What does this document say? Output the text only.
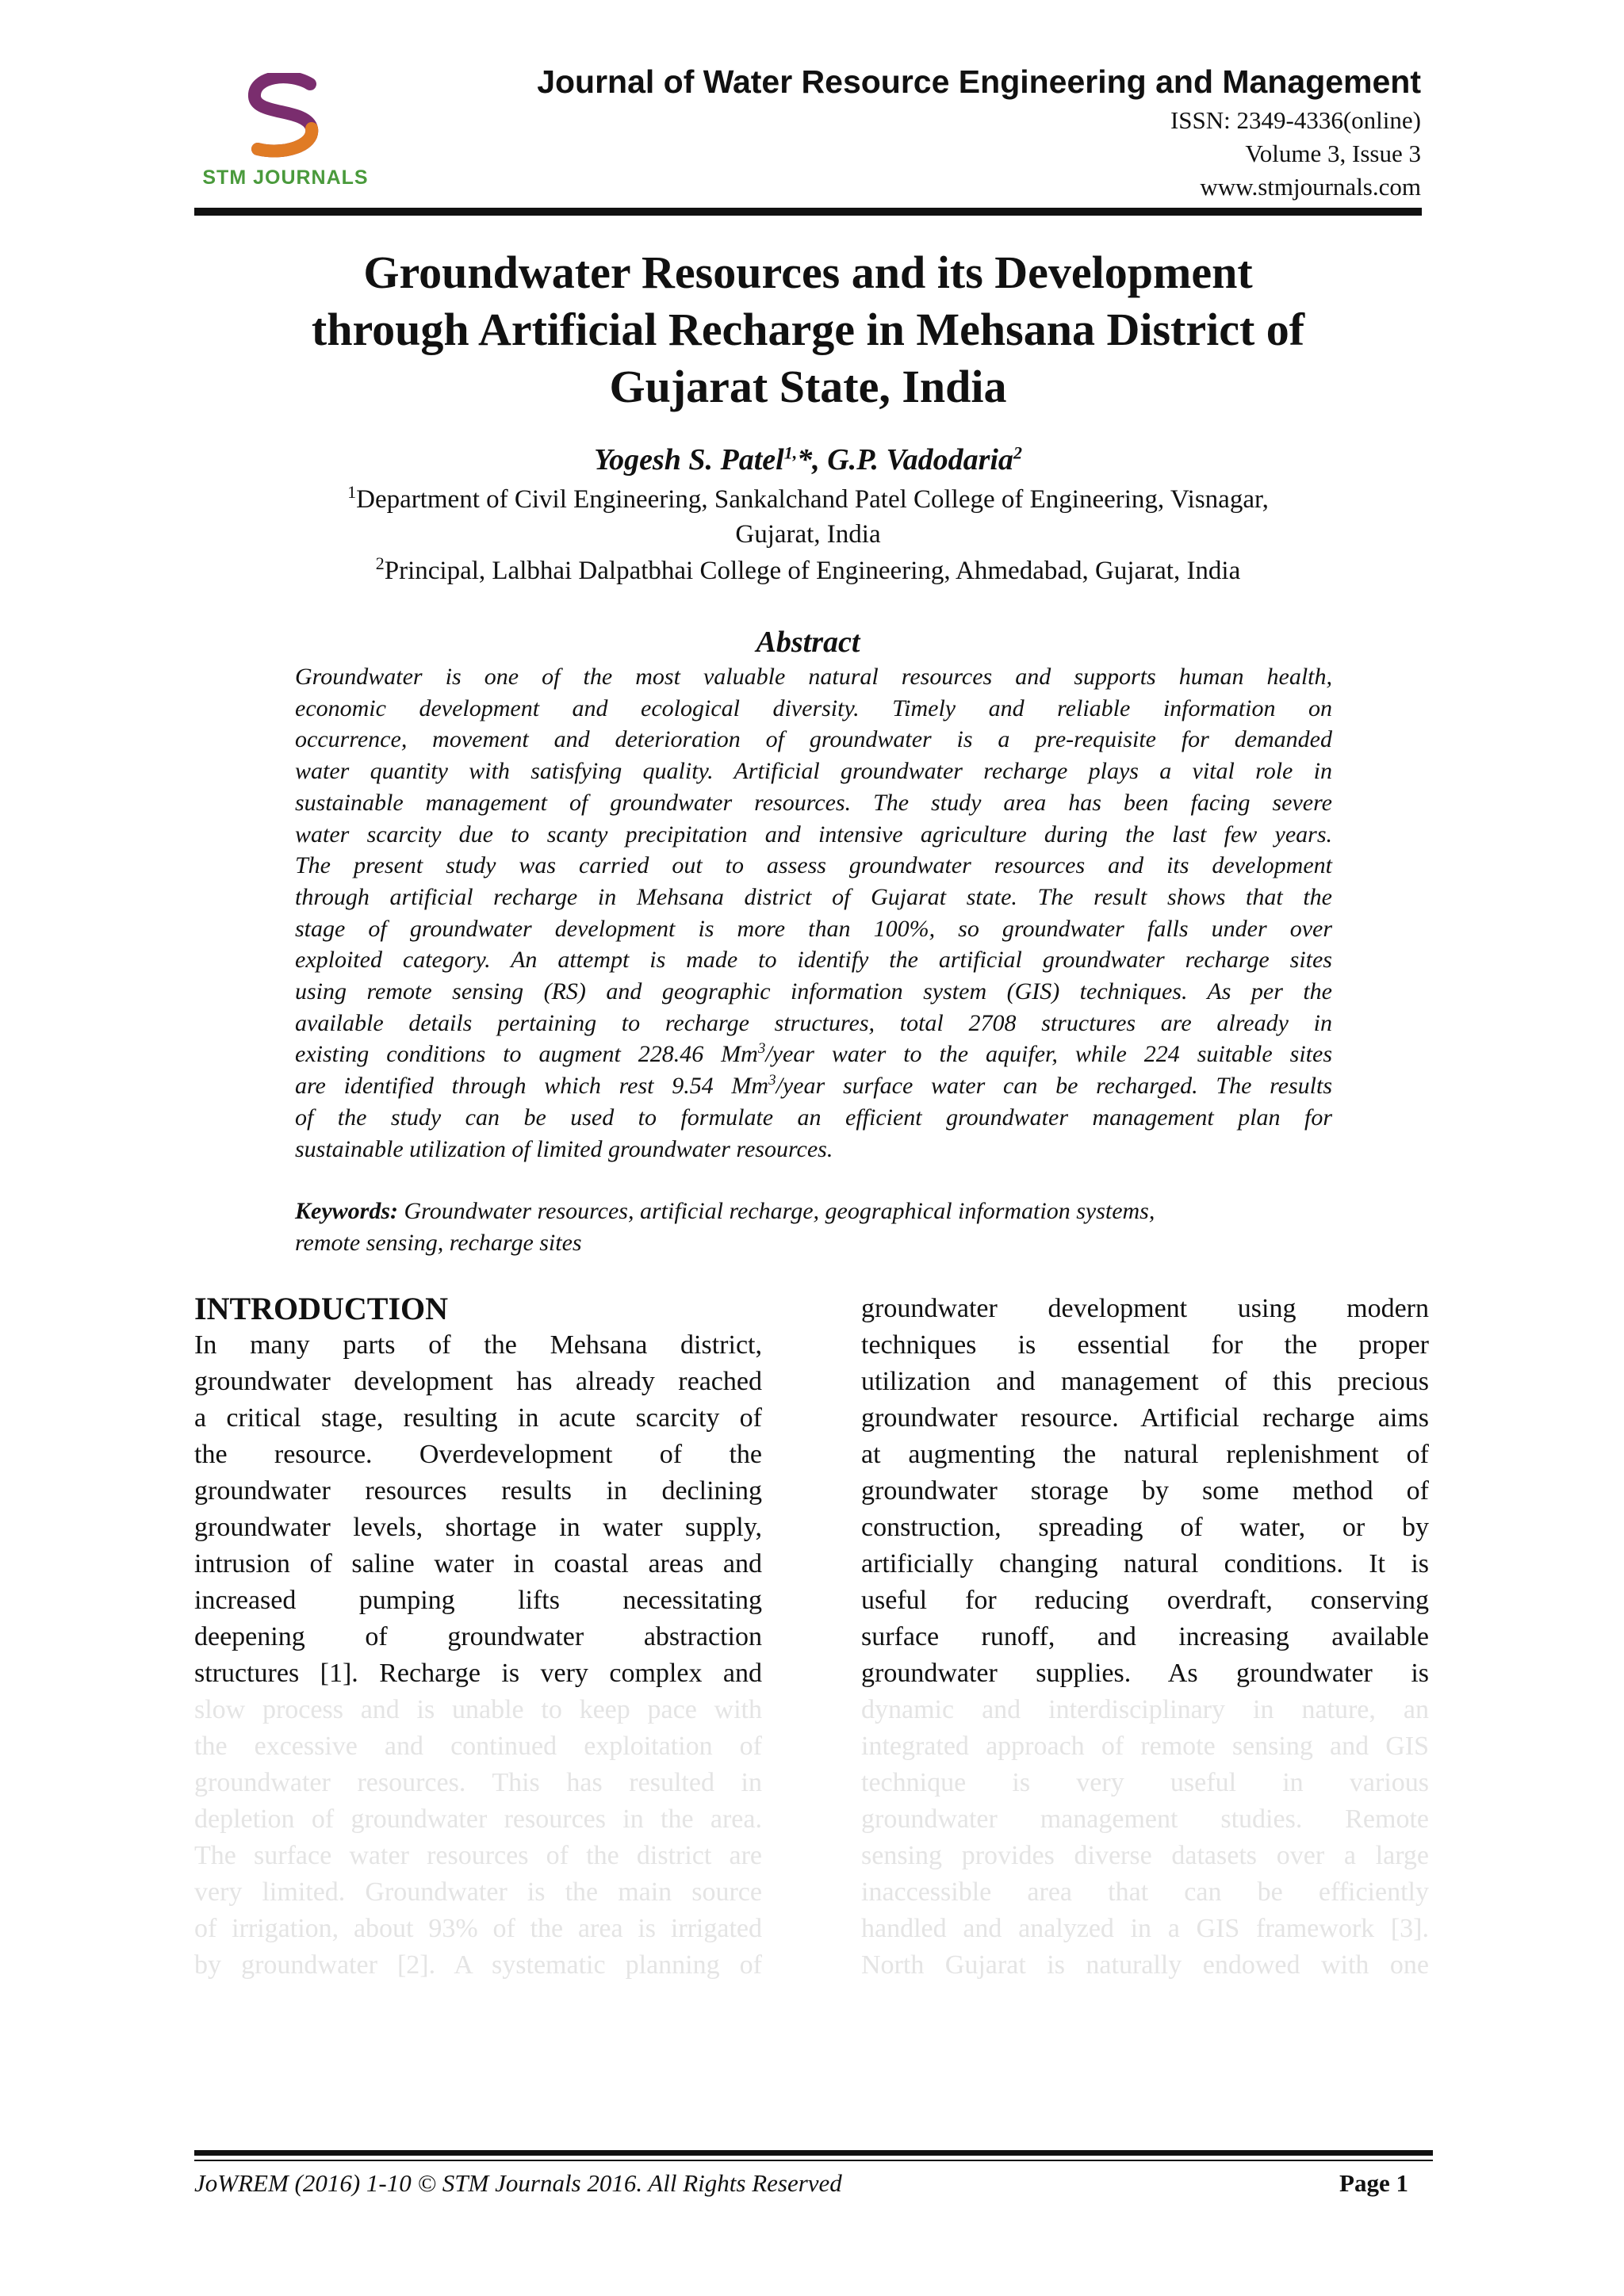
STM JOURNALS
Journal of Water Resource Engineering and Management
ISSN: 2349-4336(online)
Volume 3, Issue 3
www.stmjournals.com
Groundwater Resources and its Development
through Artificial Recharge in Mehsana District of
Gujarat State, India
Yogesh S. Patel$^{1,}$*, G.P. Vadodaria$^2$
$^1$Department of Civil Engineering, Sankalchand Patel College of Engineering, Visnagar,
Gujarat, India
$^2$Principal, Lalbhai Dalpatbhai College of Engineering, Ahmedabad, Gujarat, India
Abstract
Groundwater is one of the most valuable natural resources and supports human health,
economic development and ecological diversity. Timely and reliable information on
occurrence, movement and deterioration of groundwater is a pre-requisite for demanded
water quantity with satisfying quality. Artificial groundwater recharge plays a vital role in
sustainable management of groundwater resources. The study area has been facing severe
water scarcity due to scanty precipitation and intensive agriculture during the last few years.
The present study was carried out to assess groundwater resources and its development
through artificial recharge in Mehsana district of Gujarat state. The result shows that the
stage of groundwater development is more than 100%, so groundwater falls under over
exploited category. An attempt is made to identify the artificial groundwater recharge sites
using remote sensing (RS) and geographic information system (GIS) techniques. As per the
available details pertaining to recharge structures, total 2708 structures are already in
existing conditions to augment 228.46 Mm$^3$/year water to the aquifer, while 224 suitable sites
are identified through which rest 9.54 Mm$^3$/year surface water can be recharged. The results
of the study can be used to formulate an efficient groundwater management plan for
sustainable utilization of limited groundwater resources.
Keywords: Groundwater resources, artificial recharge, geographical information systems,
remote sensing, recharge sites
INTRODUCTION
In many parts of the Mehsana district,
groundwater development has already reached
a critical stage, resulting in acute scarcity of
the resource. Overdevelopment of the
groundwater resources results in declining
groundwater levels, shortage in water supply,
intrusion of saline water in coastal areas and
increased pumping lifts necessitating
deepening of groundwater abstraction
structures [1]. Recharge is very complex and
slow process and is unable to keep pace with
the excessive and continued exploitation of
groundwater resources. This has resulted in
depletion of groundwater resources in the area.
The surface water resources of the district are
very limited. Groundwater is the main source
of irrigation, about 93% of the area is irrigated
by groundwater [2]. A systematic planning of
groundwater development using modern
techniques is essential for the proper
utilization and management of this precious
groundwater resource. Artificial recharge aims
at augmenting the natural replenishment of
groundwater storage by some method of
construction, spreading of water, or by
artificially changing natural conditions. It is
useful for reducing overdraft, conserving
surface runoff, and increasing available
groundwater supplies. As groundwater is
dynamic and interdisciplinary in nature, an
integrated approach of remote sensing and GIS
technique is very useful in various
groundwater management studies. Remote
sensing provides diverse datasets over a large
inaccessible area that can be efficiently
handled and analyzed in a GIS framework [3].
North Gujarat is naturally endowed with one
JoWREM (2016) 1-10 © STM Journals 2016. All Rights Reserved	Page 1
